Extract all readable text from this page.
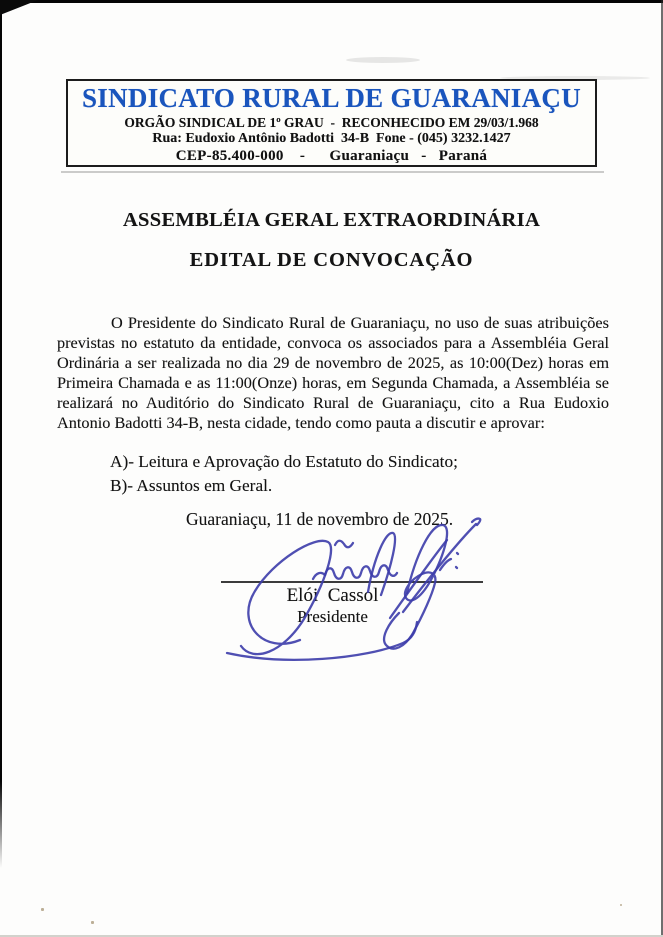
SINDICATO RURAL DE GUARANIAÇU
ORGÃO SINDICAL DE 1º GRAU  -  RECONHECIDO EM 29/03/1.968
Rua: Eudoxio Antônio Badotti  34-B  Fone - (045) 3232.1427
CEP-85.400-000    -      Guaraniaçu   -   Paraná
ASSEMBLÉIA GERAL EXTRAORDINÁRIA
EDITAL DE CONVOCAÇÃO

O Presidente do Sindicato Rural de Guaraniaçu, no uso de suas atribuições previstas no estatuto da entidade, convoca os associados para a Assembléia Geral Ordinária a ser realizada no dia 29 de novembro de 2025, as 10:00(Dez) horas em Primeira Chamada e as 11:00(Onze) horas, em Segunda Chamada, a Assembléia se realizará no Auditório do Sindicato Rural de Guaraniaçu, cito a Rua Eudoxio Antonio Badotti 34-B, nesta cidade, tendo como pauta a discutir e aprovar:

A)- Leitura e Aprovação do Estatuto do Sindicato;
B)- Assuntos em Geral.
Guaraniaçu, 11 de novembro de 2025.
Elói  Cassol
Presidente
